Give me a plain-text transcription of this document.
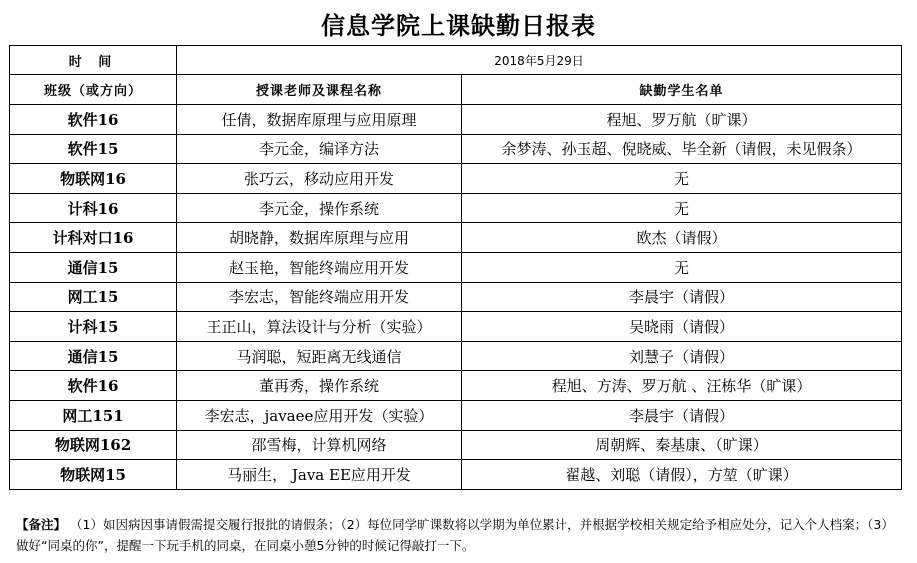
信息学院上课缺勤日报表
时 间	2018年5月29日	
班级（或方向）	授课老师及课程名称	缺勤学生名单
软件16	任倩，数据库原理与应用原理	程旭、罗万航（旷课）
软件15	李元金，编译方法	余梦涛、孙玉超、倪晓威、毕全新（请假，未见假条）
物联网16	张巧云，移动应用开发	无
计科16	李元金，操作系统	无
计科对口16	胡晓静，数据库原理与应用	欧杰（请假）
通信15	赵玉艳，智能终端应用开发	无
网工15	李宏志，智能终端应用开发	李晨宇（请假）
计科15	王正山，算法设计与分析（实验）	吴晓雨（请假）
通信15	马润聪，短距离无线通信	刘慧子（请假）
软件16	董再秀，操作系统	程旭、方涛、罗万航 、汪栋华（旷课）
网工151	李宏志，javaee应用开发（实验）	李晨宇（请假）
物联网162	邵雪梅，计算机网络	周朝辉、秦基康、（旷课）
物联网15	马丽生， Java EE应用开发	翟越、刘聪（请假），方堃（旷课）
【备注】 （1）如因病因事请假需提交履行报批的请假条；（2）每位同学旷课数将以学期为单位累计，并根据学校相关规定给予相应处分，记入个人档案；（3）做好“同桌的你”，提醒一下玩手机的同桌，在同桌小憩5分钟的时候记得敲打一下。
